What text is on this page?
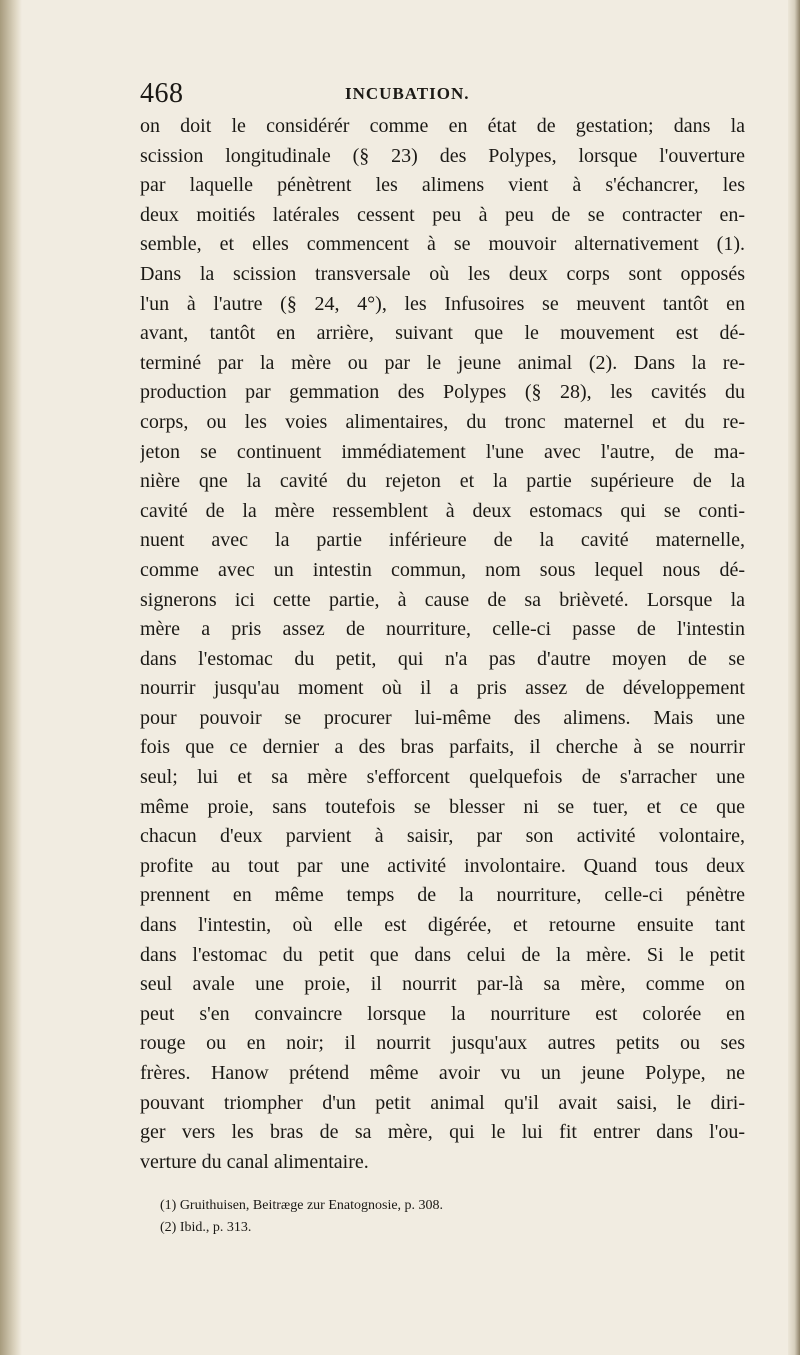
468	INCUBATION.
on doit le considérér comme en état de gestation; dans la
scission longitudinale (§ 23) des Polypes, lorsque l'ouverture
par laquelle pénètrent les alimens vient à s'échancrer, les
deux moitiés latérales cessent peu à peu de se contracter en-
semble, et elles commencent à se mouvoir alternativement (1).
Dans la scission transversale où les deux corps sont opposés
l'un à l'autre (§ 24, 4°), les Infusoires se meuvent tantôt en
avant, tantôt en arrière, suivant que le mouvement est dé-
terminé par la mère ou par le jeune animal (2). Dans la re-
production par gemmation des Polypes (§ 28), les cavités du
corps, ou les voies alimentaires, du tronc maternel et du re-
jeton se continuent immédiatement l'une avec l'autre, de ma-
nière qne la cavité du rejeton et la partie supérieure de la
cavité de la mère ressemblent à deux estomacs qui se conti-
nuent avec la partie inférieure de la cavité maternelle,
comme avec un intestin commun, nom sous lequel nous dé-
signerons ici cette partie, à cause de sa brièveté. Lorsque la
mère a pris assez de nourriture, celle-ci passe de l'intestin
dans l'estomac du petit, qui n'a pas d'autre moyen de se
nourrir jusqu'au moment où il a pris assez de développement
pour pouvoir se procurer lui-même des alimens. Mais une
fois que ce dernier a des bras parfaits, il cherche à se nourrir
seul; lui et sa mère s'efforcent quelquefois de s'arracher une
même proie, sans toutefois se blesser ni se tuer, et ce que
chacun d'eux parvient à saisir, par son activité volontaire,
profite au tout par une activité involontaire. Quand tous deux
prennent en même temps de la nourriture, celle-ci pénètre
dans l'intestin, où elle est digérée, et retourne ensuite tant
dans l'estomac du petit que dans celui de la mère. Si le petit
seul avale une proie, il nourrit par-là sa mère, comme on
peut s'en convaincre lorsque la nourriture est colorée en
rouge ou en noir; il nourrit jusqu'aux autres petits ou ses
frères. Hanow prétend même avoir vu un jeune Polype, ne
pouvant triompher d'un petit animal qu'il avait saisi, le diri-
ger vers les bras de sa mère, qui le lui fit entrer dans l'ou-
verture du canal alimentaire.
(1) Gruithuisen, Beitræge zur Enatognosie, p. 308.
(2) Ibid., p. 313.
